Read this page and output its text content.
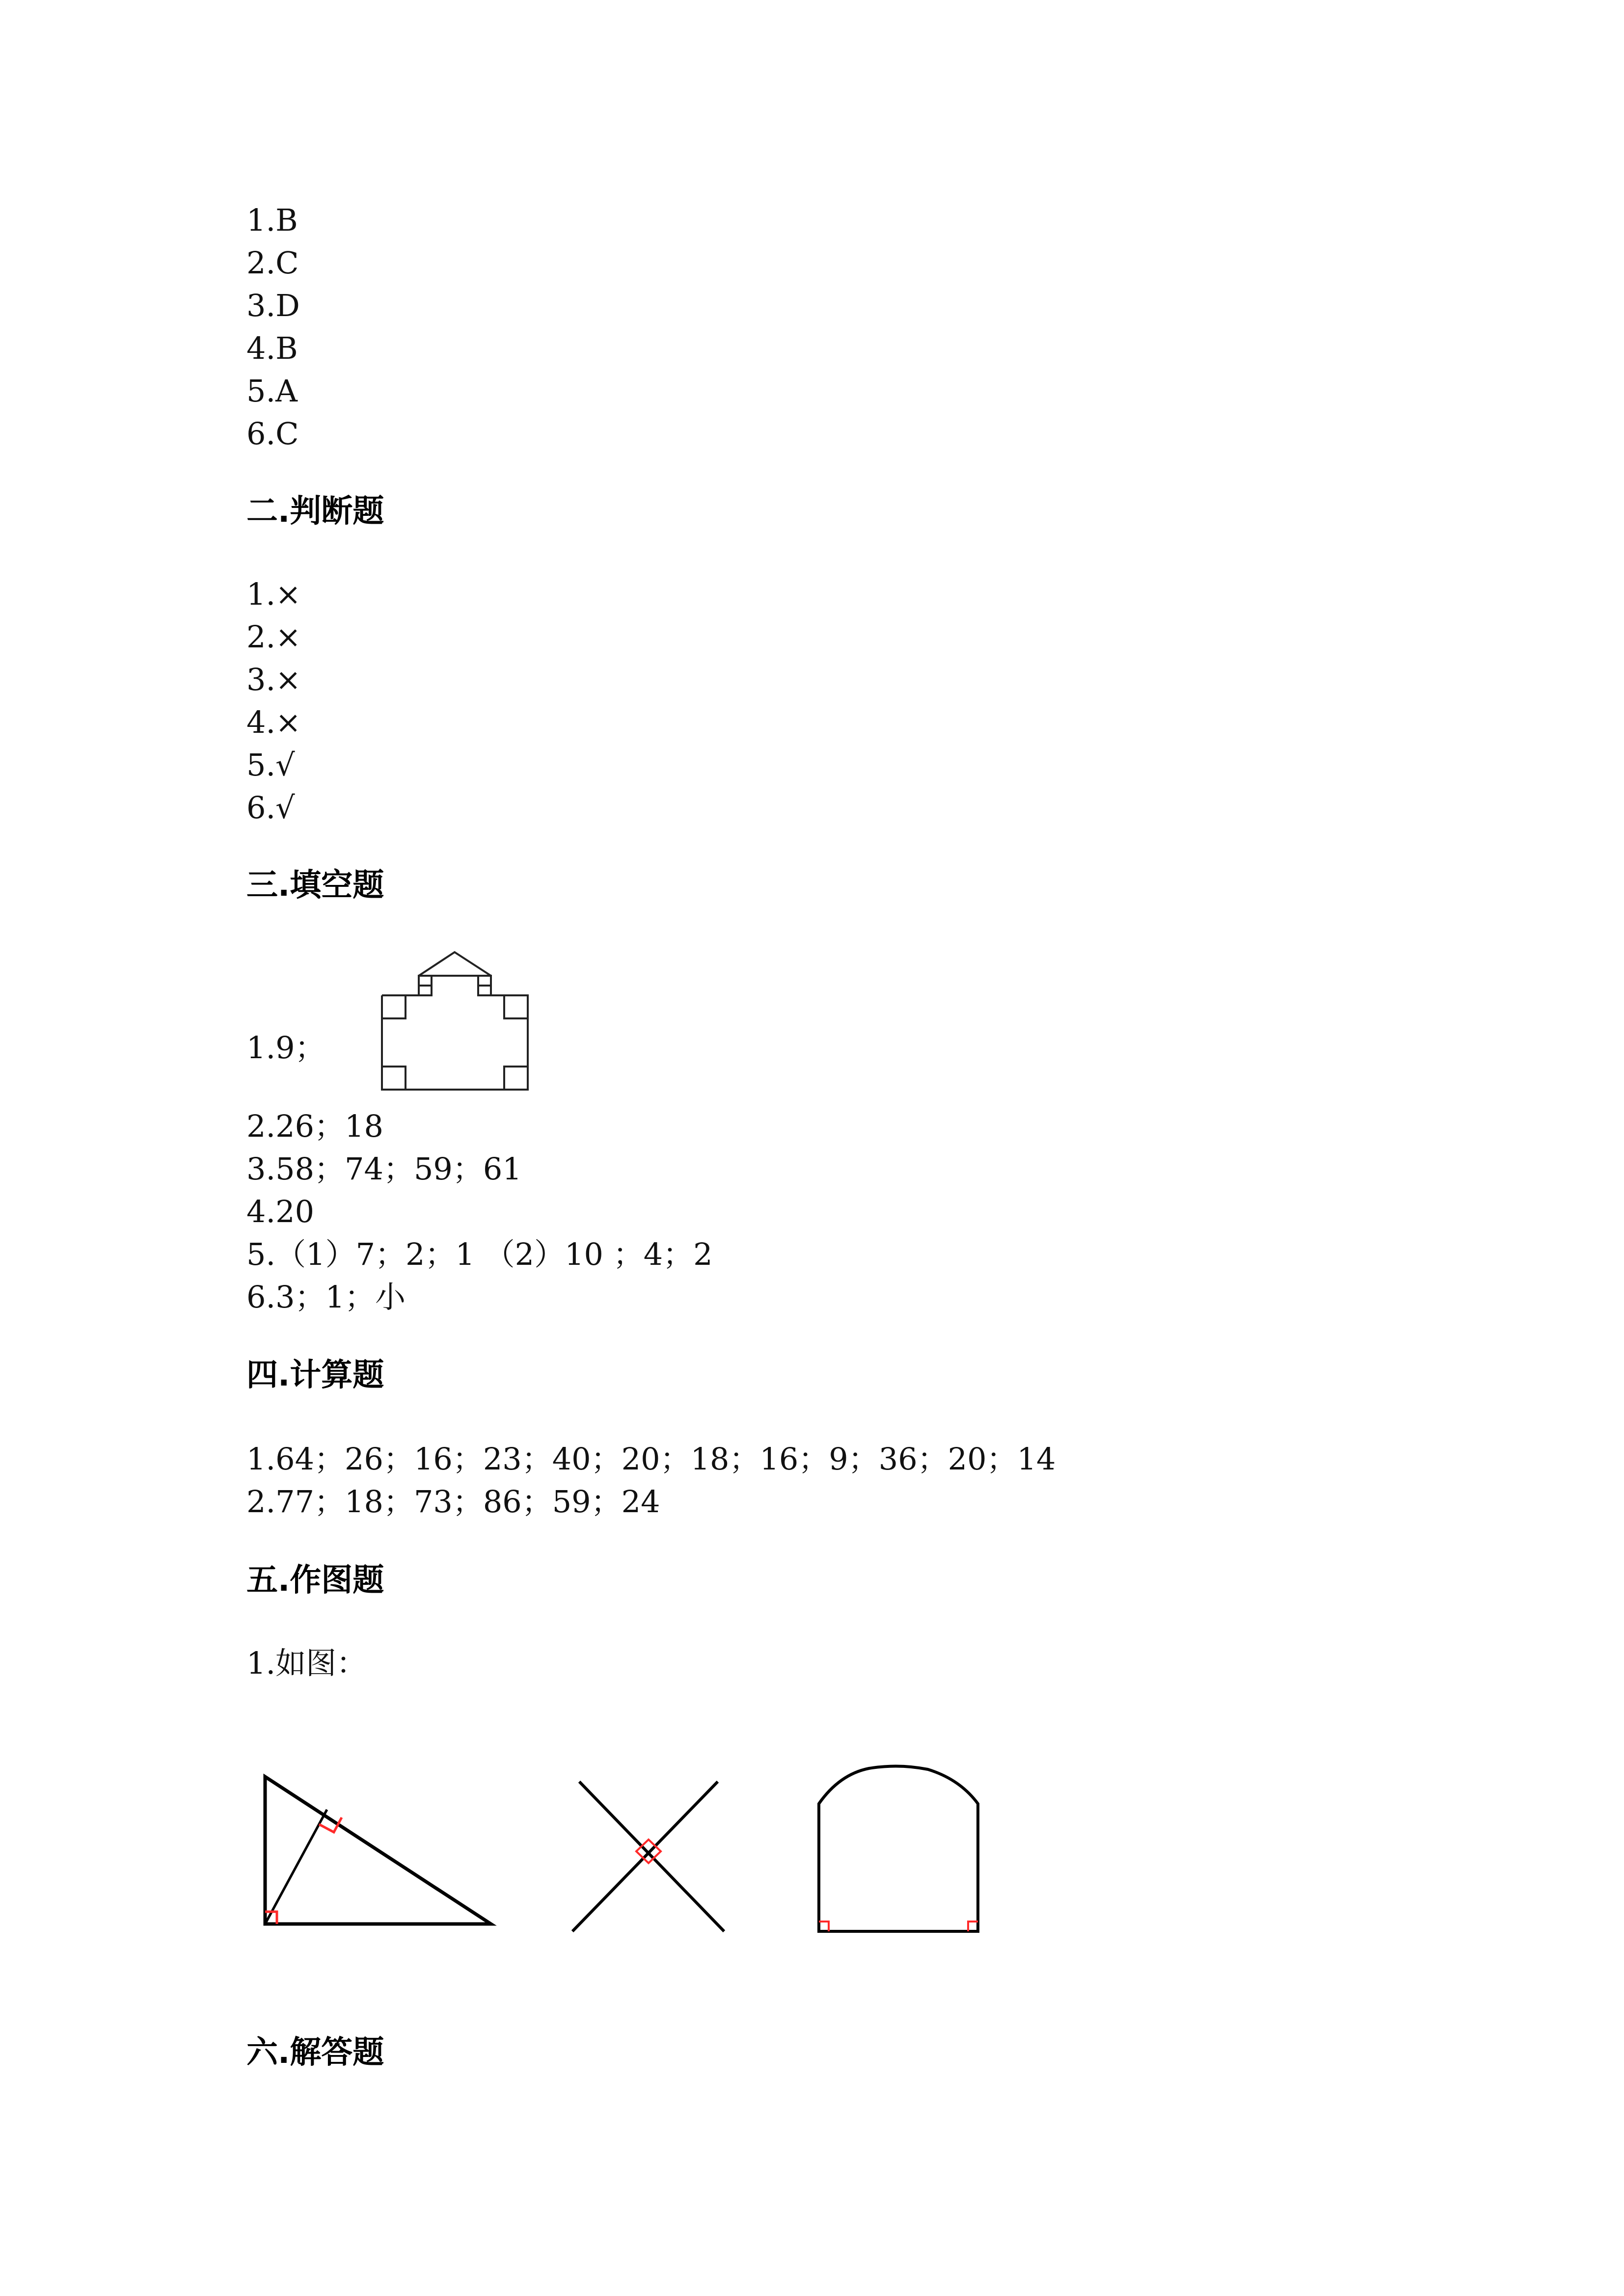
1.B
2.C
3.D
4.B
5.A
6.C
二.判断题
1.×
2.×
3.×
4.×
5.√
6.√
三.填空题
1.9；
2.26；18
3.58；74；59；61
4.20
5.（1）7；2；1 （2）10 ；4；2
6.3；1；小
四.计算题
1.64；26；16；23；40；20；18；16；9；36；20；14
2.77；18；73；86；59；24
五.作图题
1.如图：
六.解答题
